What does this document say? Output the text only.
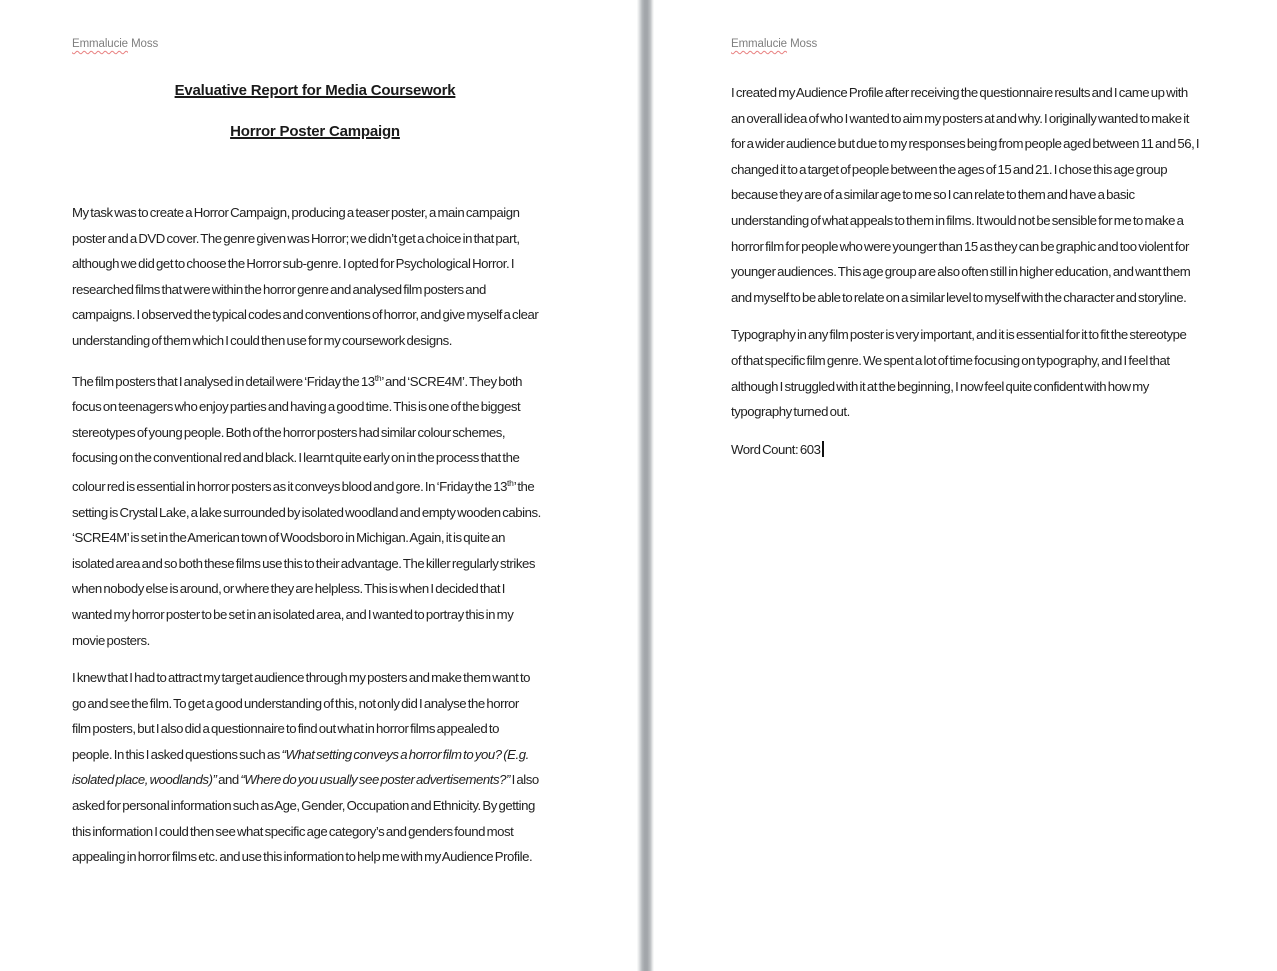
Emmalucie Moss
Evaluative Report for Media Coursework
Horror Poster Campaign
My task was to create a Horror Campaign, producing a teaser poster, a main campaign
poster and a DVD cover. The genre given was Horror; we didn’t get a choice in that part,
although we did get to choose the Horror sub-genre. I opted for Psychological Horror. I
researched films that were within the horror genre and analysed film posters and
campaigns. I observed the typical codes and conventions of horror, and give myself a clear
understanding of them which I could then use for my coursework designs.
The film posters that I analysed in detail were ‘Friday the 13th’ and ‘SCRE4M’. They both
focus on teenagers who enjoy parties and having a good time. This is one of the biggest
stereotypes of young people. Both of the horror posters had similar colour schemes,
focusing on the conventional red and black. I learnt quite early on in the process that the
colour red is essential in horror posters as it conveys blood and gore. In ‘Friday the 13th’ the
setting is Crystal Lake, a lake surrounded by isolated woodland and empty wooden cabins.
‘SCRE4M’ is set in the American town of Woodsboro in Michigan. Again, it is quite an
isolated area and so both these films use this to their advantage. The killer regularly strikes
when nobody else is around, or where they are helpless. This is when I decided that I
wanted my horror poster to be set in an isolated area, and I wanted to portray this in my
movie posters.
I knew that I had to attract my target audience through my posters and make them want to
go and see the film. To get a good understanding of this, not only did I analyse the horror
film posters, but I also did a questionnaire to find out what in horror films appealed to
people. In this I asked questions such as “What setting conveys a horror film to you? (E.g.
isolated place, woodlands)” and “Where do you usually see poster advertisements?” I also
asked for personal information such as Age, Gender, Occupation and Ethnicity. By getting
this information I could then see what specific age category’s and genders found most
appealing in horror films etc. and use this information to help me with my Audience Profile.
Emmalucie Moss
I created my Audience Profile after receiving the questionnaire results and I came up with
an overall idea of who I wanted to aim my posters at and why. I originally wanted to make it
for a wider audience but due to my responses being from people aged between 11 and 56, I
changed it to a target of people between the ages of 15 and 21. I chose this age group
because they are of a similar age to me so I can relate to them and have a basic
understanding of what appeals to them in films. It would not be sensible for me to make a
horror film for people who were younger than 15 as they can be graphic and too violent for
younger audiences. This age group are also often still in higher education, and want them
and myself to be able to relate on a similar level to myself with the character and storyline.
Typography in any film poster is very important, and it is essential for it to fit the stereotype
of that specific film genre. We spent a lot of time focusing on typography, and I feel that
although I struggled with it at the beginning, I now feel quite confident with how my
typography turned out.
Word Count: 603
